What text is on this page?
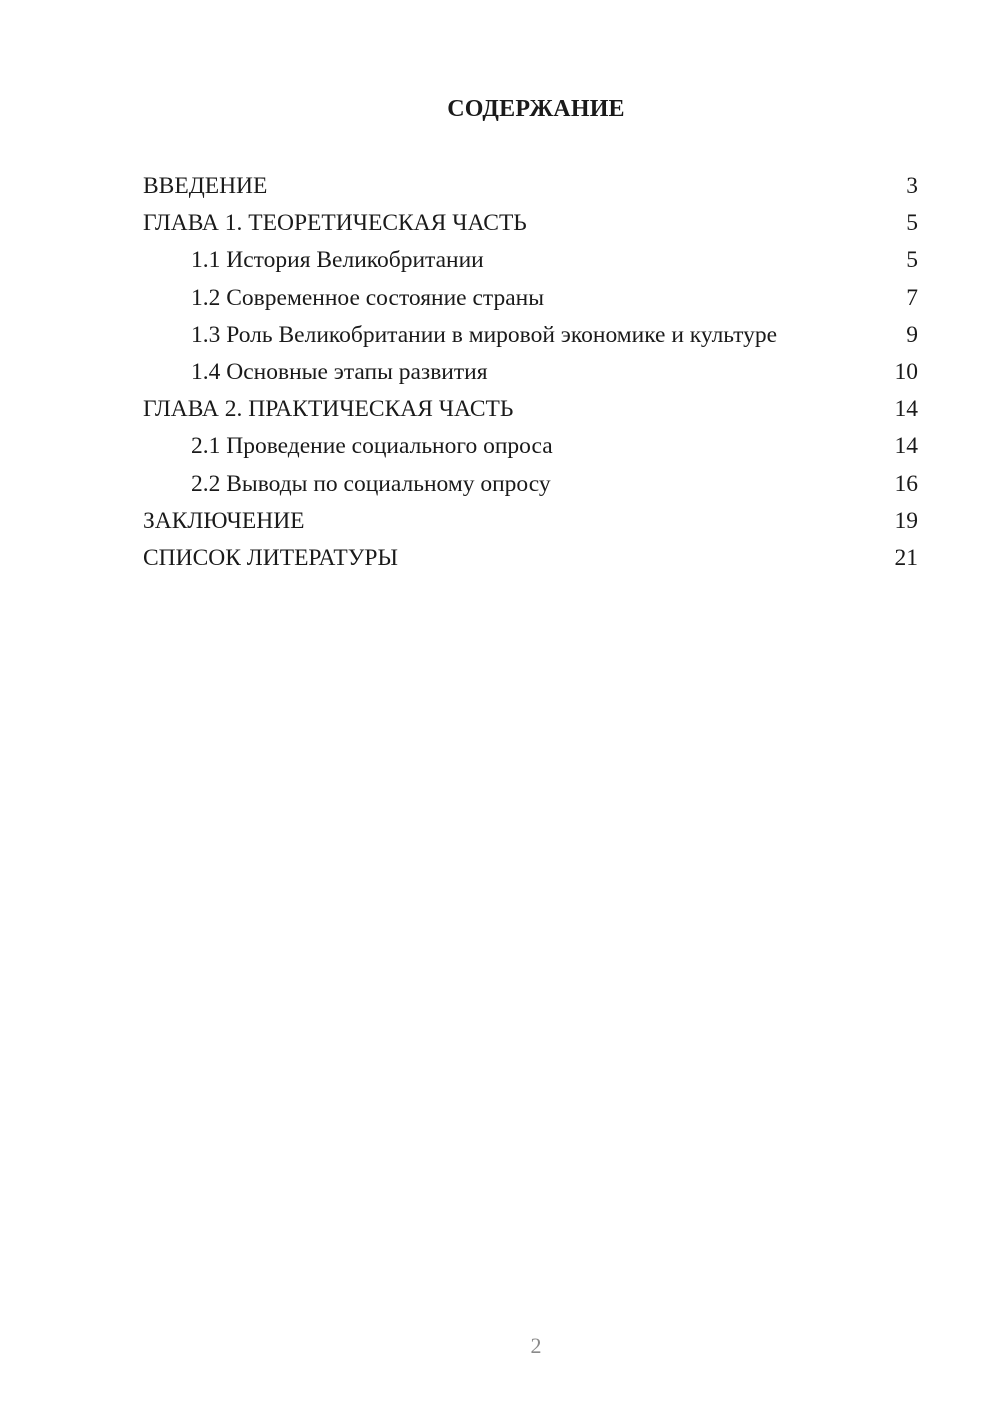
СОДЕРЖАНИЕ
ВВЕДЕНИЕ	3
ГЛАВА 1. ТЕОРЕТИЧЕСКАЯ ЧАСТЬ	5
1.1 История Великобритании	5
1.2 Современное состояние страны	7
1.3 Роль Великобритании в мировой экономике и культуре	9
1.4 Основные этапы развития	10
ГЛАВА 2. ПРАКТИЧЕСКАЯ ЧАСТЬ	14
2.1 Проведение социального опроса	14
2.2 Выводы по социальному опросу	16
ЗАКЛЮЧЕНИЕ	19
СПИСОК ЛИТЕРАТУРЫ	21
2
